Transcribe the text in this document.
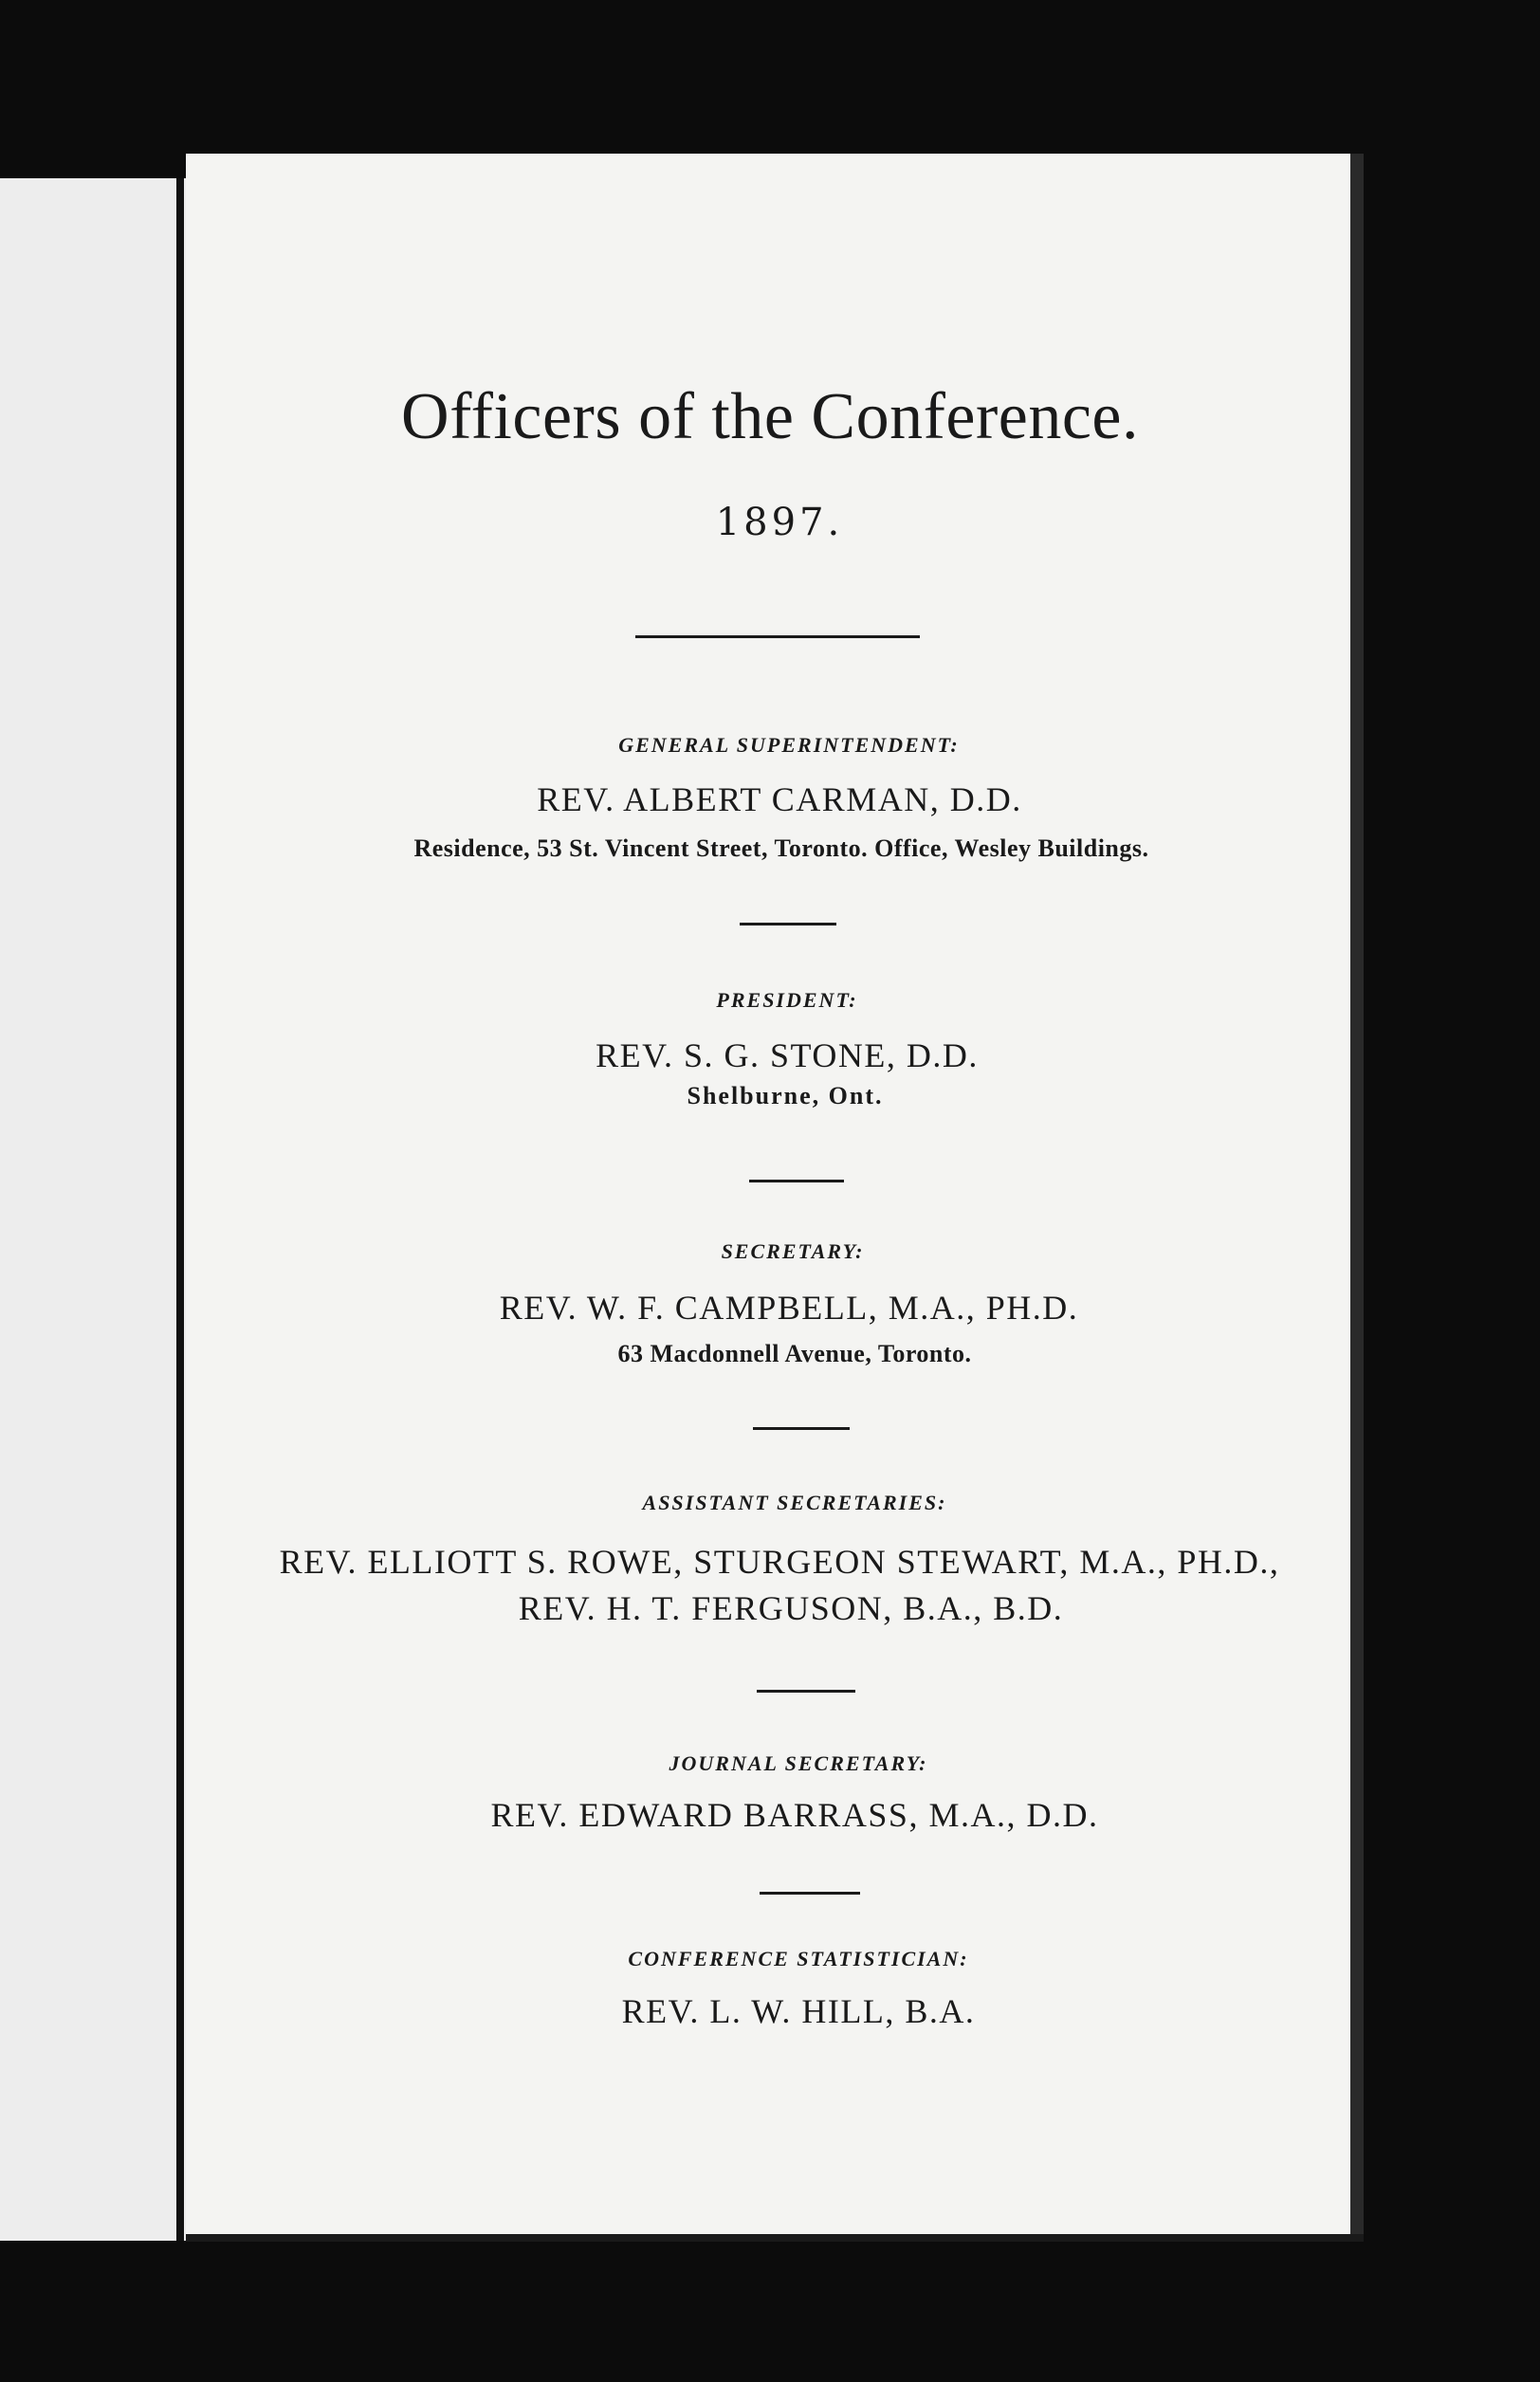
Officers of the Conference.
1897.
GENERAL SUPERINTENDENT:
REV. ALBERT CARMAN, D.D.
Residence, 53 St. Vincent Street, Toronto. Office, Wesley Buildings.
PRESIDENT:
REV. S. G. STONE, D.D.
Shelburne, Ont.
SECRETARY:
REV. W. F. CAMPBELL, M.A., PH.D.
63 Macdonnell Avenue, Toronto.
ASSISTANT SECRETARIES:
REV. ELLIOTT S. ROWE, STURGEON STEWART, M.A., PH.D.,
REV. H. T. FERGUSON, B.A., B.D.
JOURNAL SECRETARY:
REV. EDWARD BARRASS, M.A., D.D.
CONFERENCE STATISTICIAN:
REV. L. W. HILL, B.A.
